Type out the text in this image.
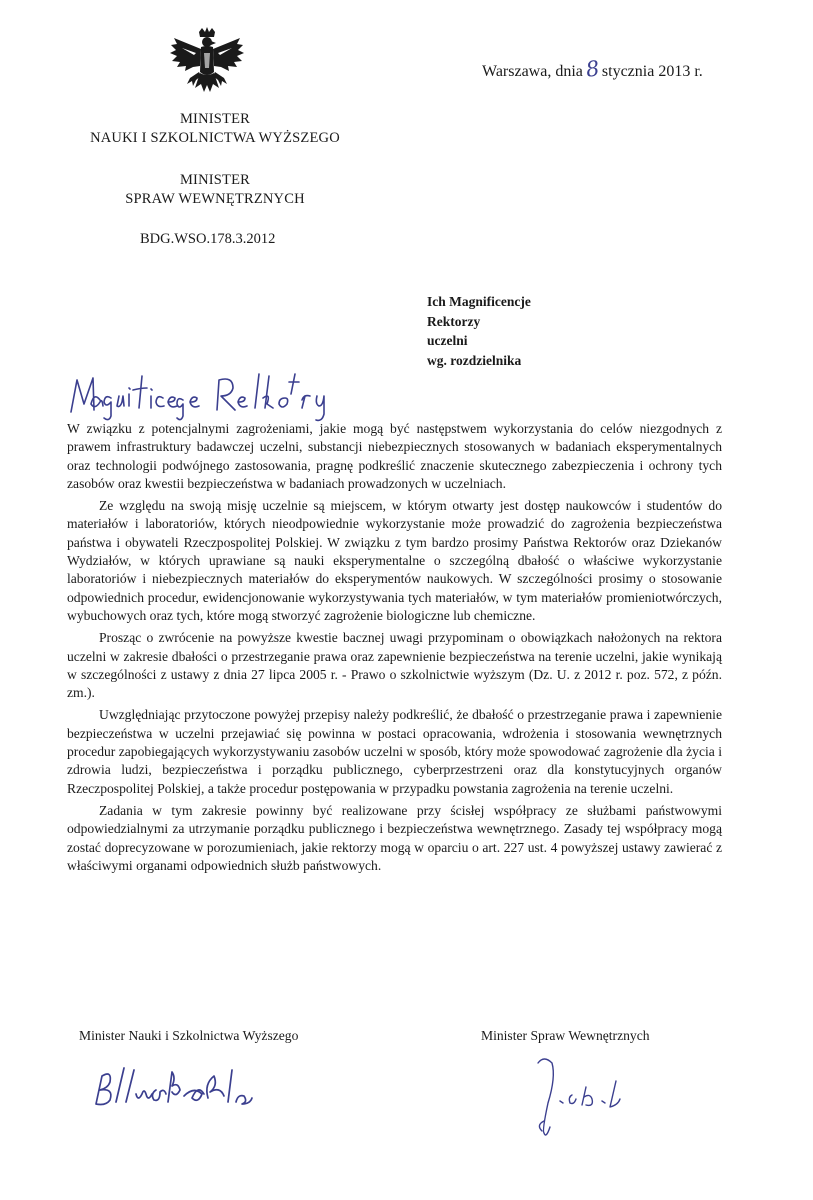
Warszawa, dnia8stycznia 2013 r.
MINISTER
NAUKI I SZKOLNICTWA WYŻSZEGO
MINISTER
SPRAW WEWNĘTRZNYCH
BDG.WSO.178.3.2012
Ich Magnificencje
Rektorzy
uczelni
wg. rozdzielnika

W związku z potencjalnymi zagrożeniami, jakie mogą być następstwem wykorzystania do celów niezgodnych z prawem infrastruktury badawczej uczelni, substancji niebezpiecznych stosowanych w badaniach eksperymentalnych oraz technologii podwójnego zastosowania, pragnę podkreślić znaczenie skutecznego zabezpieczenia i ochrony tych zasobów oraz kwestii bezpieczeństwa w badaniach prowadzonych w uczelniach.

Ze względu na swoją misję uczelnie są miejscem, w którym otwarty jest dostęp naukowców i studentów do materiałów i laboratoriów, których nieodpowiednie wykorzystanie może prowadzić do zagrożenia bezpieczeństwa państwa i obywateli Rzeczpospolitej Polskiej. W związku z tym bardzo prosimy Państwa Rektorów oraz Dziekanów Wydziałów, w których uprawiane są nauki eksperymentalne o szczególną dbałość o właściwe wykorzystanie laboratoriów i niebezpiecznych materiałów do eksperymentów naukowych. W szczególności prosimy o stosowanie odpowiednich procedur, ewidencjonowanie wykorzystywania tych materiałów, w tym materiałów promieniotwórczych, wybuchowych oraz tych, które mogą stworzyć zagrożenie biologiczne lub chemiczne.

Prosząc o zwrócenie na powyższe kwestie bacznej uwagi przypominam o obowiązkach nałożonych na rektora uczelni w zakresie dbałości o przestrzeganie prawa oraz zapewnienie bezpieczeństwa na terenie uczelni, jakie wynikają w szczególności z ustawy z dnia 27 lipca 2005 r. - Prawo o szkolnictwie wyższym (Dz. U. z 2012 r. poz. 572, z późn. zm.).

Uwzględniając przytoczone powyżej przepisy należy podkreślić, że dbałość o przestrzeganie prawa i zapewnienie bezpieczeństwa w uczelni przejawiać się powinna w postaci opracowania, wdrożenia i stosowania wewnętrznych procedur zapobiegających wykorzystywaniu zasobów uczelni w sposób, który może spowodować zagrożenie dla życia i zdrowia ludzi, bezpieczeństwa i porządku publicznego, cyberprzestrzeni oraz dla konstytucyjnych organów Rzeczpospolitej Polskiej, a także procedur postępowania w przypadku powstania zagrożenia na terenie uczelni.

Zadania w tym zakresie powinny być realizowane przy ścisłej współpracy ze służbami państwowymi odpowiedzialnymi za utrzymanie porządku publicznego i bezpieczeństwa wewnętrznego. Zasady tej współpracy mogą zostać doprecyzowane w porozumieniach, jakie rektorzy mogą w oparciu o art. 227 ust. 4 powyższej ustawy zawierać z właściwymi organami odpowiednich służb państwowych.

Minister Nauki i Szkolnictwa Wyższego	Minister Spraw Wewnętrznych
